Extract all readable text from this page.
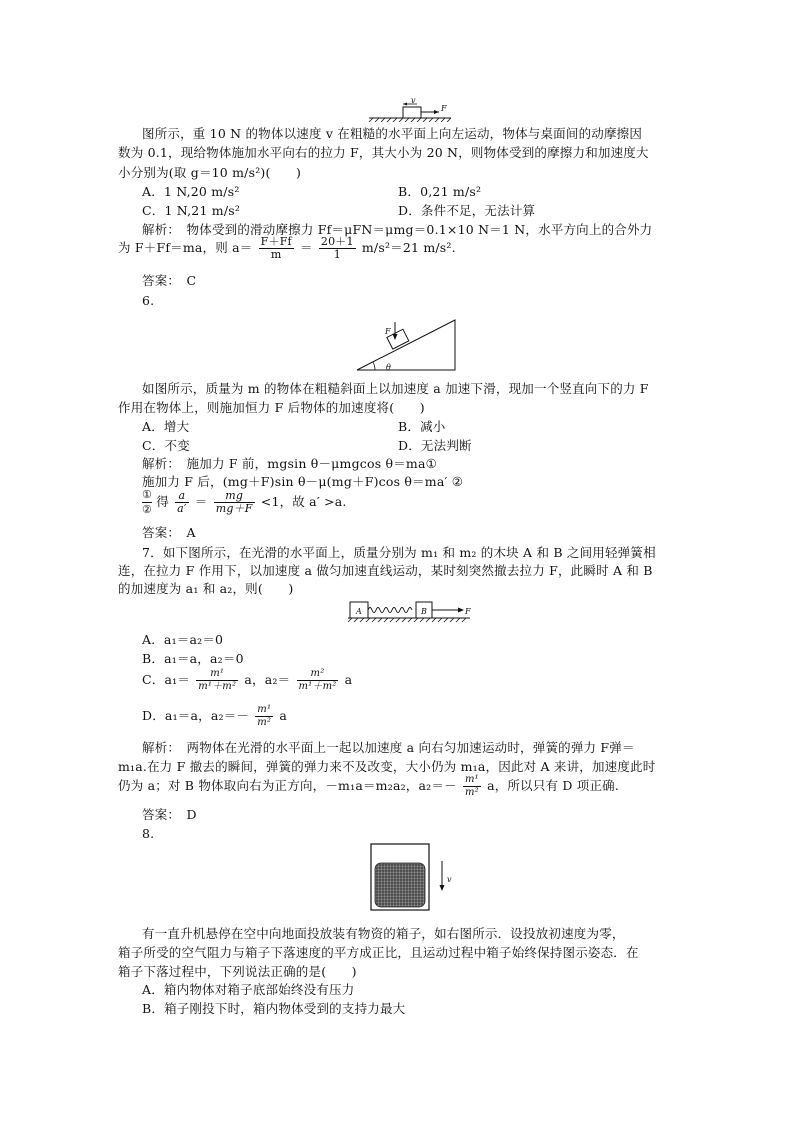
v
F
图所示，重 10 N 的物体以速度 v 在粗糙的水平面上向左运动，物体与桌面间的动摩擦因
数为 0.1，现给物体施加水平向右的拉力 F，其大小为 20 N，则物体受到的摩擦力和加速度大
小分别为(取 g＝10 m/s²)(　　)
A．1 N,20 m/s²	B．0,21 m/s²
C．1 N,21 m/s²	D．条件不足，无法计算
解析：　物体受到的滑动摩擦力 Ff＝μFN＝μmg＝0.1×10 N＝1 N，水平方向上的合外力
为 F＋Ff＝ma，则 $a= \frac{F+Ff}{m} = \frac{20+1}{1} m/s^2=21$ m/s².
答案：　C
6.
F
θ
如图所示，质量为 m 的物体在粗糙斜面上以加速度 a 加速下滑，现加一个竖直向下的力 F
作用在物体上，则施加恒力 F 后物体的加速度将(　　)
A．增大	B．减小
C．不变	D．无法判断
解析：　施加力 F 前，mgsin θ－μmgcos θ＝ma①
施加力 F 后，(mg＋F)sin θ－μ(mg＋F)cos θ＝ma′ ②
①
②
得 $\frac{a}{a'} = \frac{mg}{mg+F} <1$，故 a′ >a.
答案：　A
7．如下图所示，在光滑的水平面上，质量分别为 m₁ 和 m₂ 的木块 A 和 B 之间用轻弹簧相
连，在拉力 F 作用下，以加速度 a 做匀加速直线运动，某时刻突然撤去拉力 F，此瞬时 A 和 B
的加速度为 a₁ 和 a₂，则(　　)
A	B	F
A．a₁＝a₂＝0
B．a₁＝a，a₂＝0
C．$a_1= \frac{\text{m¹}}{\text{m¹＋m²}}$ a，$a_2= \frac{\text{m²}}{\text{m¹＋m²}}$ a
D．a₁＝a，$a_2=- \frac{\text{m¹}}{\text{m²}}$ a
解析：　两物体在光滑的水平面上一起以加速度 a 向右匀加速运动时，弹簧的弹力 F弹＝
m₁a.在力 F 撤去的瞬间，弹簧的弹力来不及改变，大小仍为 m₁a，因此对 A 来讲，加速度此时
仍为 a；对 B 物体取向右为正方向，－m₁a＝m₂a₂，$a_2=- \frac{\text{m¹}}{\text{m²}}$ a，所以只有 D 项正确.
答案：　D
8.
v
有一直升机悬停在空中向地面投放装有物资的箱子，如右图所示．设投放初速度为零，
箱子所受的空气阻力与箱子下落速度的平方成正比，且运动过程中箱子始终保持图示姿态．在
箱子下落过程中，下列说法正确的是(　　)
A．箱内物体对箱子底部始终没有压力
B．箱子刚投下时，箱内物体受到的支持力最大
